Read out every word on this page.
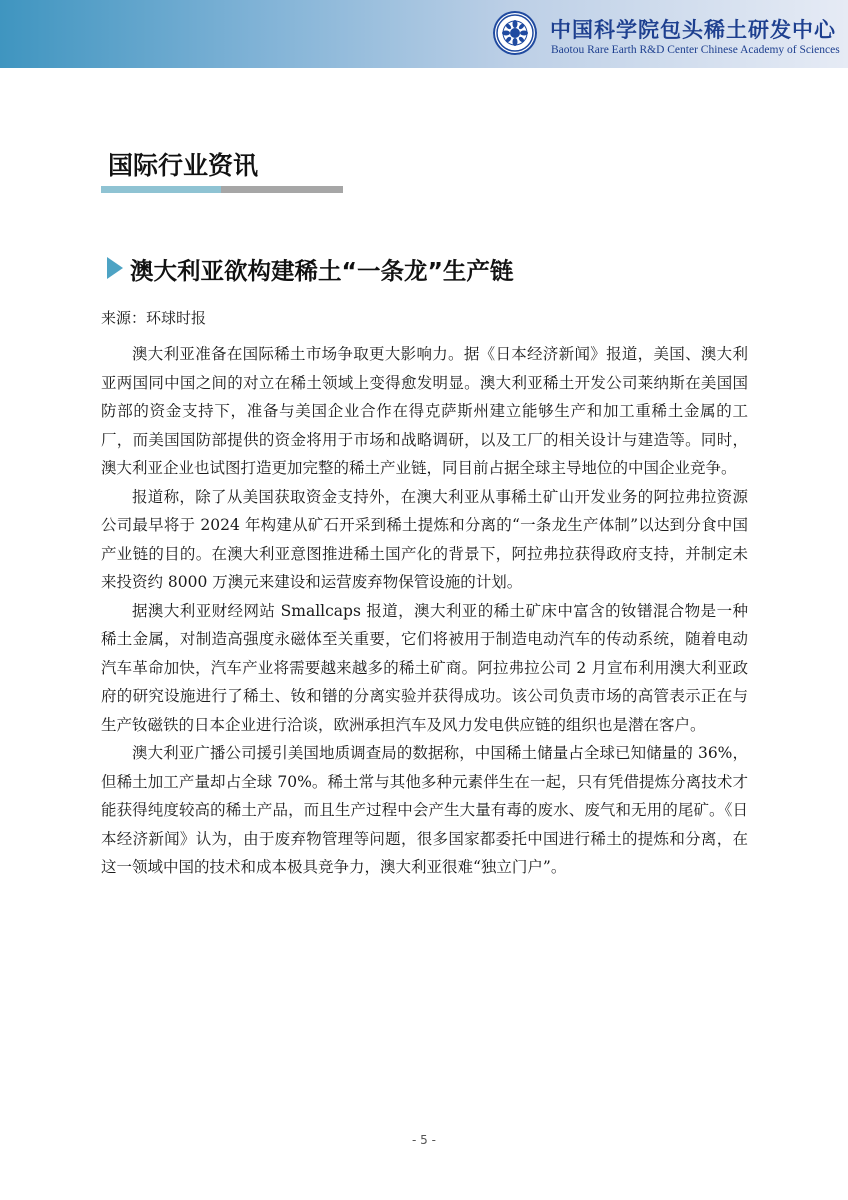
中国科学院包头稀土研发中心
Baotou Rare Earth R&D Center Chinese Academy of Sciences
国际行业资讯
澳大利亚欲构建稀土“一条龙”生产链
来源：环球时报

澳大利亚准备在国际稀土市场争取更大影响力。据《日本经济新闻》报道，美国、澳大利亚两国同中国之间的对立在稀土领域上变得愈发明显。澳大利亚稀土开发公司莱纳斯在美国国防部的资金支持下，准备与美国企业合作在得克萨斯州建立能够生产和加工重稀土金属的工厂，而美国国防部提供的资金将用于市场和战略调研，以及工厂的相关设计与建造等。同时，澳大利亚企业也试图打造更加完整的稀土产业链，同目前占据全球主导地位的中国企业竞争。

报道称，除了从美国获取资金支持外，在澳大利亚从事稀土矿山开发业务的阿拉弗拉资源公司最早将于 2024 年构建从矿石开采到稀土提炼和分离的“一条龙生产体制”以达到分食中国产业链的目的。在澳大利亚意图推进稀土国产化的背景下，阿拉弗拉获得政府支持，并制定未来投资约 8000 万澳元来建设和运营废弃物保管设施的计划。

据澳大利亚财经网站 Smallcaps 报道，澳大利亚的稀土矿床中富含的钕镨混合物是一种稀土金属，对制造高强度永磁体至关重要，它们将被用于制造电动汽车的传动系统，随着电动汽车革命加快，汽车产业将需要越来越多的稀土矿商。阿拉弗拉公司 2 月宣布利用澳大利亚政府的研究设施进行了稀土、钕和镨的分离实验并获得成功。该公司负责市场的高管表示正在与生产钕磁铁的日本企业进行洽谈，欧洲承担汽车及风力发电供应链的组织也是潜在客户。

澳大利亚广播公司援引美国地质调查局的数据称，中国稀土储量占全球已知储量的 36%，但稀土加工产量却占全球 70%。稀土常与其他多种元素伴生在一起，只有凭借提炼分离技术才能获得纯度较高的稀土产品，而且生产过程中会产生大量有毒的废水、废气和无用的尾矿。《日本经济新闻》认为，由于废弃物管理等问题，很多国家都委托中国进行稀土的提炼和分离，在这一领域中国的技术和成本极具竞争力，澳大利亚很难“独立门户”。

- 5 -
